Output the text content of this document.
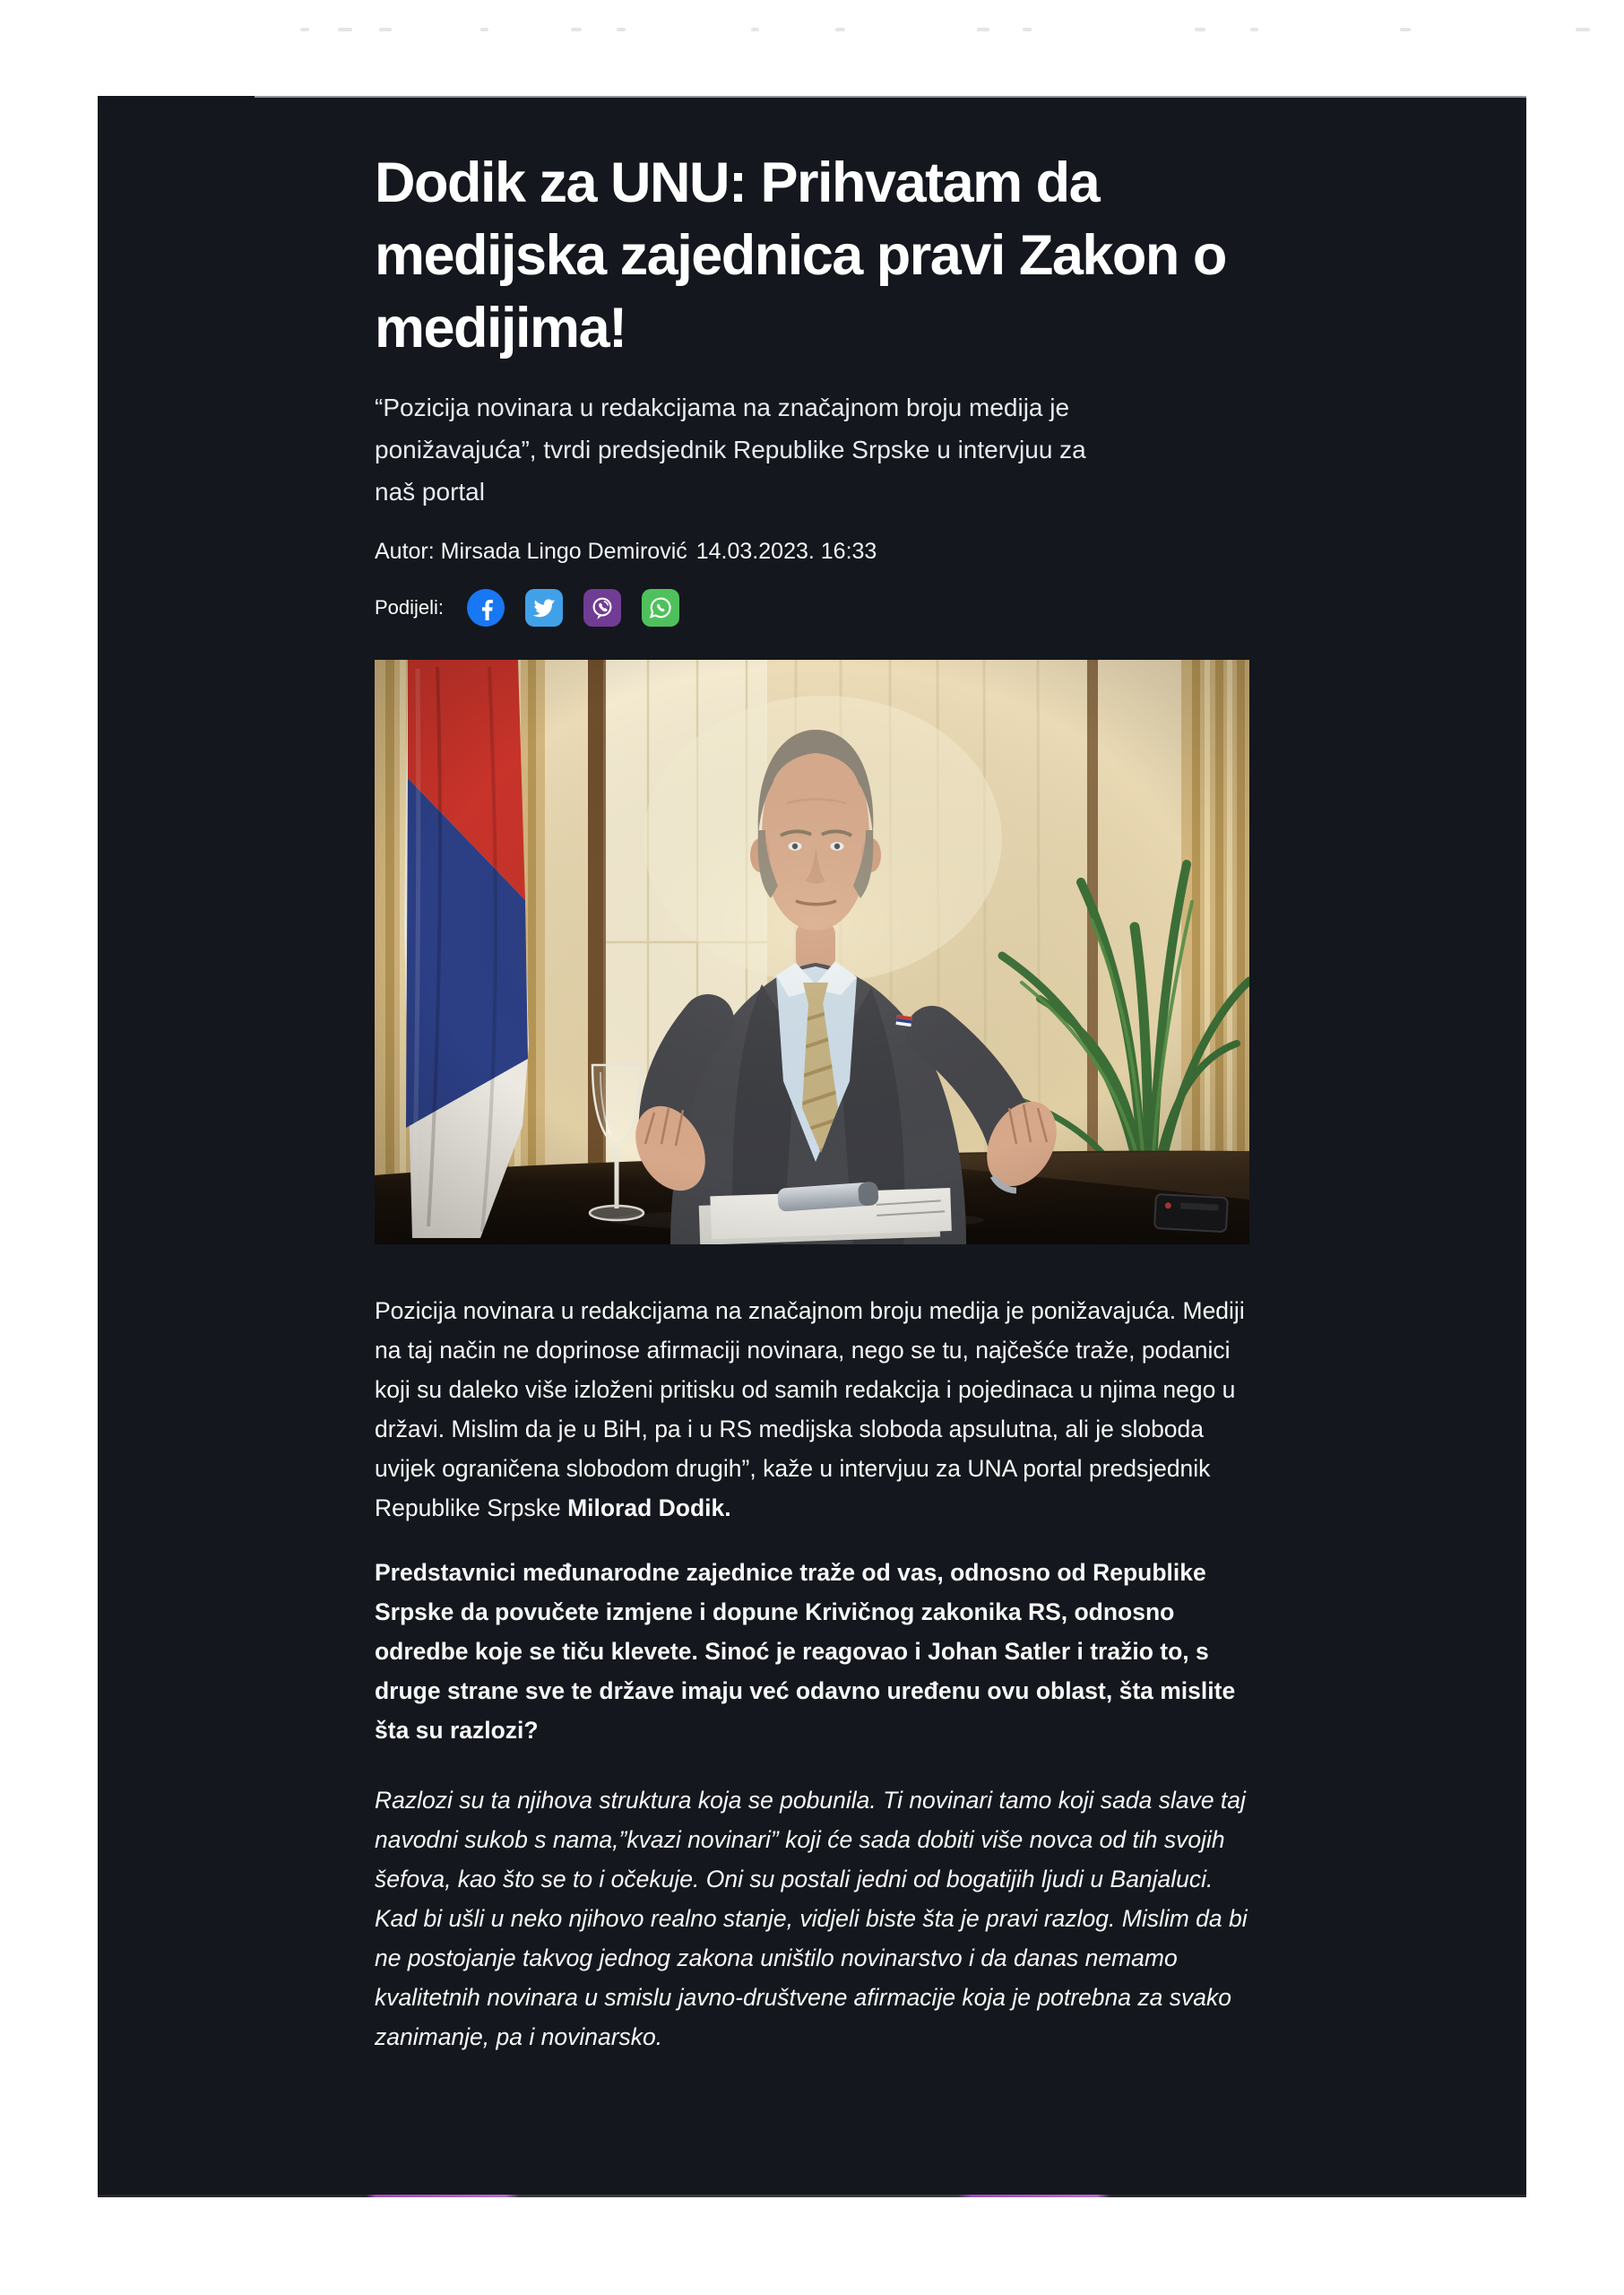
Dodik za UNU: Prihvatam da medijska zajednica pravi Zakon o medijima!

“Pozicija novinara u redakcijama na značajnom broju medija je ponižavajuća”, tvrdi predsjednik Republike Srpske u intervjuu za naš portal

Autor: Mirsada Lingo Demirović 14.03.2023. 16:33
Podijeli:

Pozicija novinara u redakcijama na značajnom broju medija je ponižavajuća. Mediji na taj način ne doprinose afirmaciji novinara, nego se tu, najčešće traže, podanici koji su daleko više izloženi pritisku od samih redakcija i pojedinaca u njima nego u državi. Mislim da je u BiH, pa i u RS medijska sloboda apsulutna, ali je sloboda uvijek ograničena slobodom drugih”, kaže u intervjuu za UNA portal predsjednik Republike Srpske Milorad Dodik.

Predstavnici međunarodne zajednice traže od vas, odnosno od Republike Srpske da povučete izmjene i dopune Krivičnog zakonika RS, odnosno odredbe koje se tiču klevete. Sinoć je reagovao i Johan Satler i tražio to, s druge strane sve te države imaju već odavno uređenu ovu oblast, šta mislite šta su razlozi?

Razlozi su ta njihova struktura koja se pobunila. Ti novinari tamo koji sada slave taj navodni sukob s nama,”kvazi novinari” koji će sada dobiti više novca od tih svojih šefova, kao što se to i očekuje. Oni su postali jedni od bogatijih ljudi u Banjaluci. Kad bi ušli u neko njihovo realno stanje, vidjeli biste šta je pravi razlog. Mislim da bi ne postojanje takvog jednog zakona uništilo novinarstvo i da danas nemamo kvalitetnih novinara u smislu javno-društvene afirmacije koja je potrebna za svako zanimanje, pa i novinarsko.
